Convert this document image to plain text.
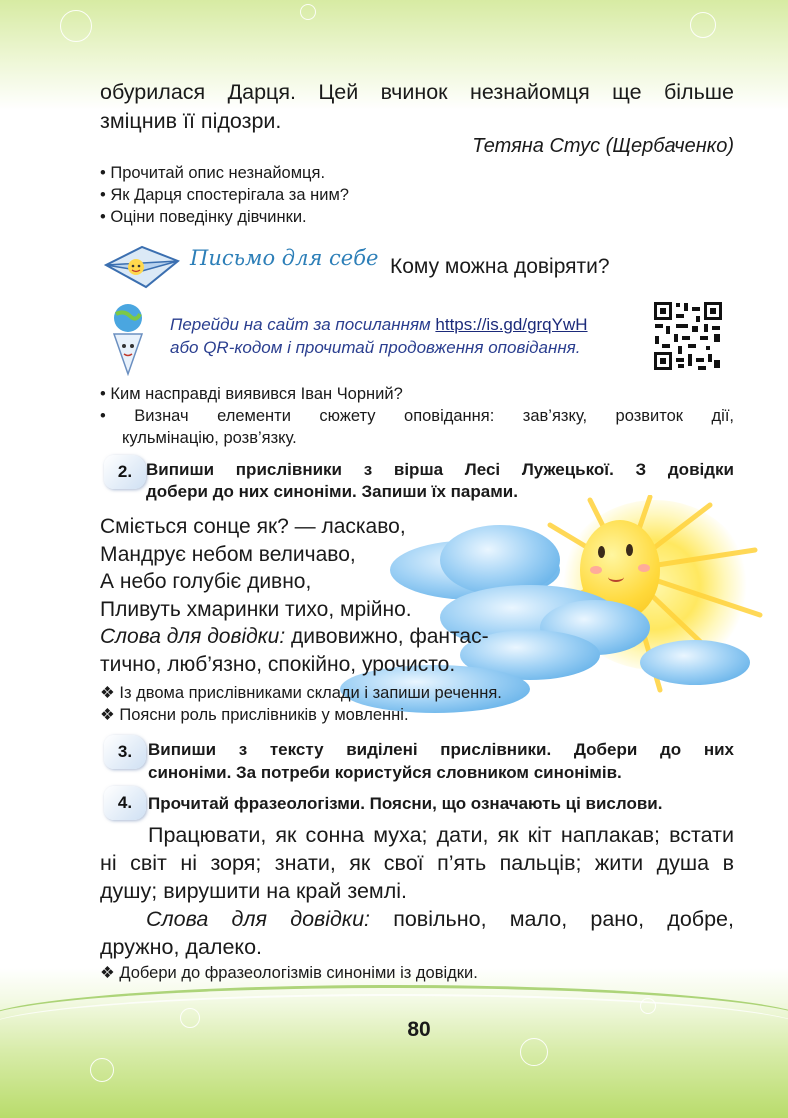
обурилася Дарця. Цей вчинок незнайомця ще більше

зміцнив її підозри.

Тетяна Стус (Щербаченко)

• Прочитай опис незнайомця.
• Як Дарця спостерігала за ним?
• Оціни поведінку дівчинки.
Письмо для себе Кому можна довіряти?
Перейди на сайт за посиланням https://is.gd/grqYwH
або QR-кодом і прочитай продовження оповідання.
• Ким насправді виявився Іван Чорний?
• Визнач елементи сюжету оповідання: зав’язку, розвиток дії,
кульмінацію, розв’язку.
2. Випиши прислівники з вірша Лесі Лужецької. З довідки
добери до них синоніми. Запиши їх парами.
Сміється сонце як? — ласкаво,
Мандрує небом величаво,
А небо голубіє дивно,
Пливуть хмаринки тихо, мрійно.
Слова для довідки: дивовижно, фантас-
тично, люб’язно, спокійно, урочисто.
❖ Із двома прислівниками склади і запиши речення.
❖ Поясни роль прислівників у мовленні.
3. Випиши з тексту виділені прислівники. Добери до них
синоніми. За потреби користуйся словником синонімів.
4. Прочитай фразеологізми. Поясни, що означають ці вислови.
Працювати, як сонна муха; дати, як кіт наплакав; встати
ні світ ні зоря; знати, як свої п’ять пальців; жити душа в
душу; вирушити на край землі.
Слова для довідки: повільно, мало, рано, добре,
дружно, далеко.
❖ Добери до фразеологізмів синоніми із довідки.
80
